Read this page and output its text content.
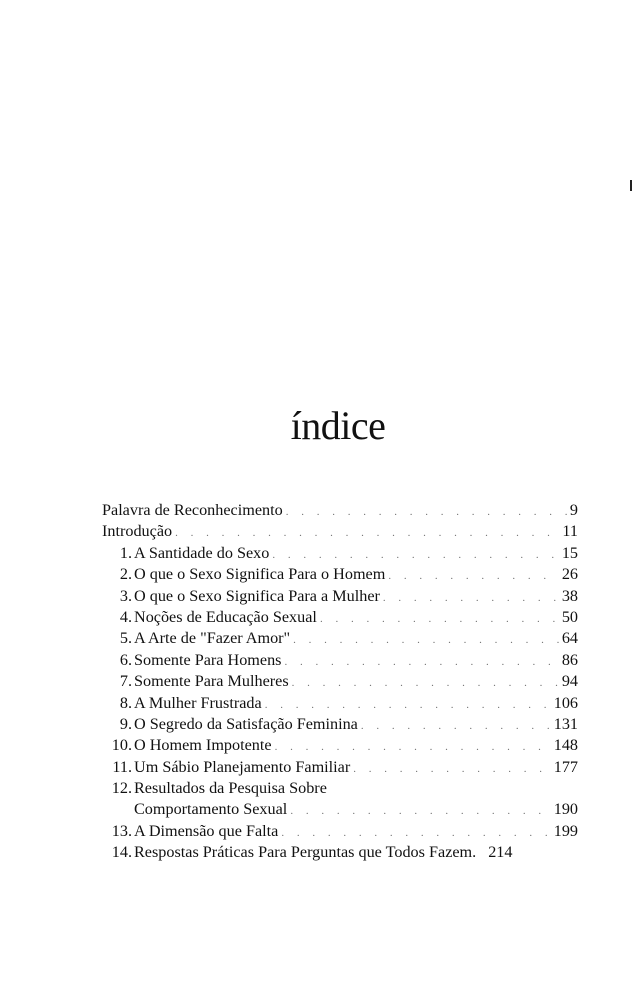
índice
Palavra de Reconhecimento . . .	9
Introdução . . .	11
1. A Santidade do Sexo . . .	15
2. O que o Sexo Significa Para o Homem . . .	26
3. O que o Sexo Significa Para a Mulher . . .	38
4. Noções de Educação Sexual . . .	50
5. A Arte de "Fazer Amor" . . .	64
6. Somente Para Homens . . .	86
7. Somente Para Mulheres . . .	94
8. A Mulher Frustrada . . .	106
9. O Segredo da Satisfação Feminina . . .	131
10. O Homem Impotente . . .	148
11. Um Sábio Planejamento Familiar . . .	177
12. Resultados da Pesquisa Sobre
Comportamento Sexual . . .	190
13. A Dimensão que Falta . . .	199
14. Respostas Práticas Para Perguntas que Todos Fazem. 214
